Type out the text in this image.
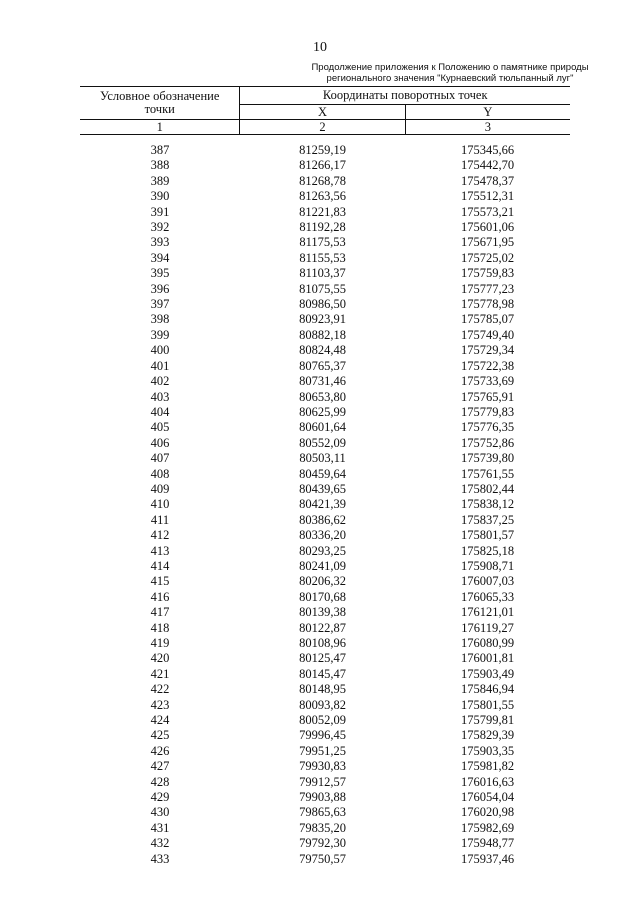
10
Продолжение приложения к Положению о памятнике природы
регионального значения "Курнаевский тюльпанный луг"
Условное обозначение
точки	Координаты поворотных точек	
	X	Y
1	2	3
387	81259,19	175345,66
388	81266,17	175442,70
389	81268,78	175478,37
390	81263,56	175512,31
391	81221,83	175573,21
392	81192,28	175601,06
393	81175,53	175671,95
394	81155,53	175725,02
395	81103,37	175759,83
396	81075,55	175777,23
397	80986,50	175778,98
398	80923,91	175785,07
399	80882,18	175749,40
400	80824,48	175729,34
401	80765,37	175722,38
402	80731,46	175733,69
403	80653,80	175765,91
404	80625,99	175779,83
405	80601,64	175776,35
406	80552,09	175752,86
407	80503,11	175739,80
408	80459,64	175761,55
409	80439,65	175802,44
410	80421,39	175838,12
411	80386,62	175837,25
412	80336,20	175801,57
413	80293,25	175825,18
414	80241,09	175908,71
415	80206,32	176007,03
416	80170,68	176065,33
417	80139,38	176121,01
418	80122,87	176119,27
419	80108,96	176080,99
420	80125,47	176001,81
421	80145,47	175903,49
422	80148,95	175846,94
423	80093,82	175801,55
424	80052,09	175799,81
425	79996,45	175829,39
426	79951,25	175903,35
427	79930,83	175981,82
428	79912,57	176016,63
429	79903,88	176054,04
430	79865,63	176020,98
431	79835,20	175982,69
432	79792,30	175948,77
433	79750,57	175937,46
